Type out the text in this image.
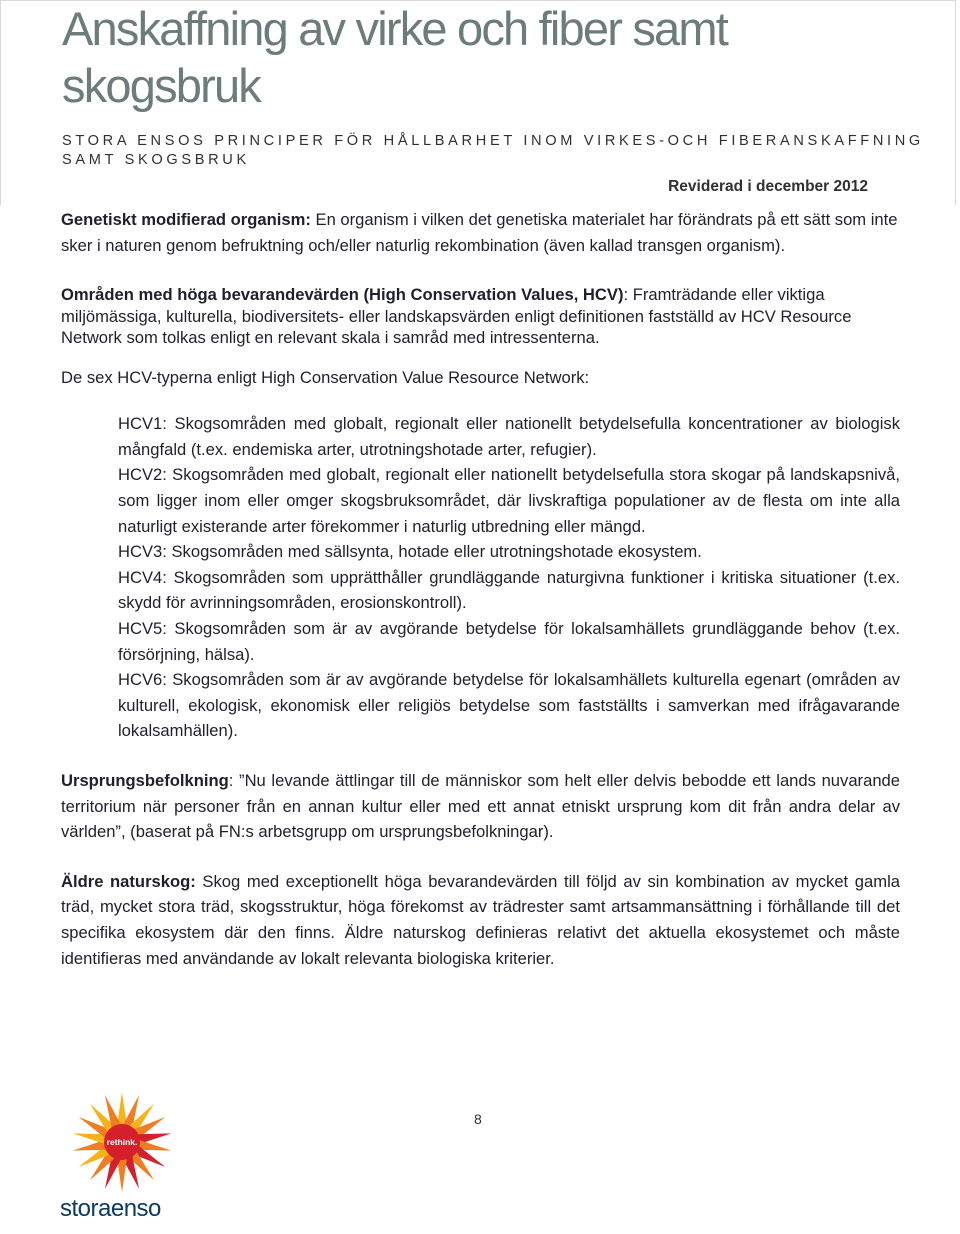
Anskaffning av virke och fiber samt
skogsbruk

STORA ENSOS PRINCIPER FÖR HÅLLBARHET INOM VIRKES-OCH FIBERANSKAFFNING SAMT SKOGSBRUK

Reviderad i december 2012

Genetiskt modifierad organism: En organism i vilken det genetiska materialet har förändrats på ett sätt som inte sker i naturen genom befruktning och/eller naturlig rekombination (även kallad transgen organism).

Områden med höga bevarandevärden (High Conservation Values, HCV): Framträdande eller viktiga miljömässiga, kulturella, biodiversitets- eller landskapsvärden enligt definitionen fastställd av HCV Resource Network som tolkas enligt en relevant skala i samråd med intressenterna.

De sex HCV-typerna enligt High Conservation Value Resource Network:

HCV1: Skogsområden med globalt, regionalt eller nationellt betydelsefulla koncentrationer av biologisk mångfald (t.ex. endemiska arter, utrotningshotade arter, refugier).

HCV2: Skogsområden med globalt, regionalt eller nationellt betydelsefulla stora skogar på landskapsnivå, som ligger inom eller omger skogsbruksområdet, där livskraftiga populationer av de flesta om inte alla naturligt existerande arter förekommer i naturlig utbredning eller mängd.

HCV3: Skogsområden med sällsynta, hotade eller utrotningshotade ekosystem.

HCV4: Skogsområden som upprätthåller grundläggande naturgivna funktioner i kritiska situationer (t.ex. skydd för avrinningsområden, erosionskontroll).

HCV5: Skogsområden som är av avgörande betydelse för lokalsamhällets grundläggande behov (t.ex. försörjning, hälsa).

HCV6: Skogsområden som är av avgörande betydelse för lokalsamhällets kulturella egenart (områden av kulturell, ekologisk, ekonomisk eller religiös betydelse som fastställts i samverkan med ifrågavarande lokalsamhällen).

Ursprungsbefolkning: ”Nu levande ättlingar till de människor som helt eller delvis bebodde ett lands nuvarande territorium när personer från en annan kultur eller med ett annat etniskt ursprung kom dit från andra delar av världen”, (baserat på FN:s arbetsgrupp om ursprungsbefolkningar).

Äldre naturskog: Skog med exceptionellt höga bevarandevärden till följd av sin kombination av mycket gamla träd, mycket stora träd, skogsstruktur, höga förekomst av trädrester samt artsammansättning i förhållande till det specifika ekosystem där den finns. Äldre naturskog definieras relativt det aktuella ekosystemet och måste identifieras med användande av lokalt relevanta biologiska kriterier.

rethink.
storaenso

8
